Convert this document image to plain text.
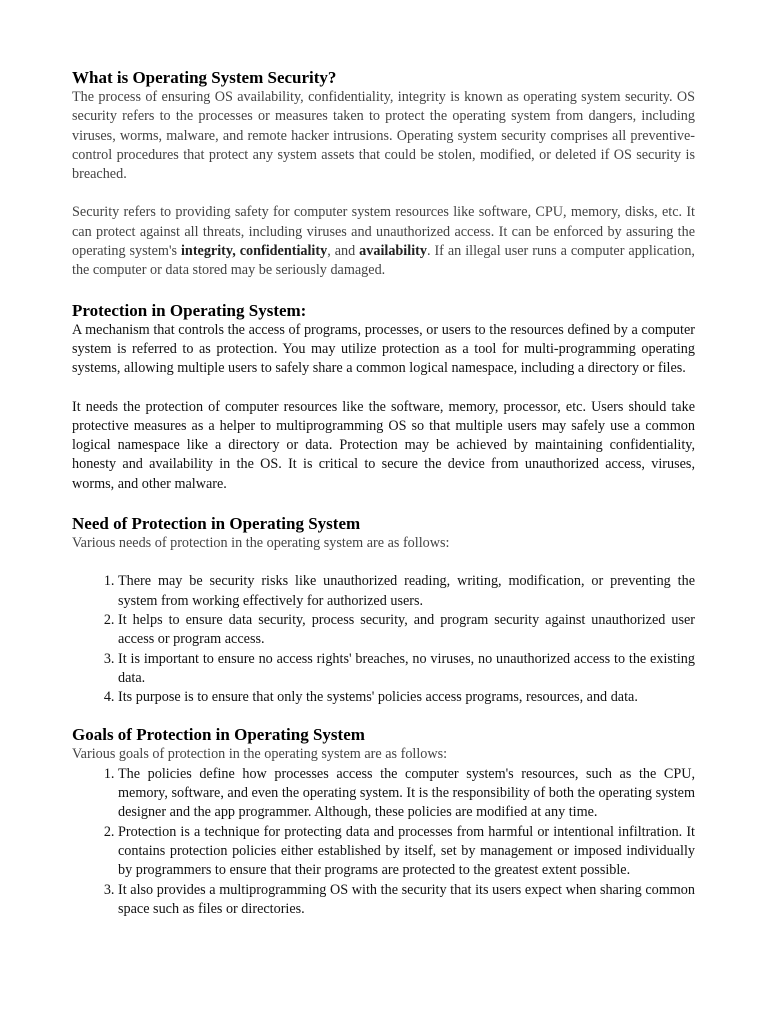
What is Operating System Security?

The process of ensuring OS availability, confidentiality, integrity is known as operating system security. OS security refers to the processes or measures taken to protect the operating system from dangers, including viruses, worms, malware, and remote hacker intrusions. Operating system security comprises all preventive-control procedures that protect any system assets that could be stolen, modified, or deleted if OS security is breached.

Security refers to providing safety for computer system resources like software, CPU, memory, disks, etc. It can protect against all threats, including viruses and unauthorized access. It can be enforced by assuring the operating system's integrity, confidentiality, and availability. If an illegal user runs a computer application, the computer or data stored may be seriously damaged.

Protection in Operating System:

A mechanism that controls the access of programs, processes, or users to the resources defined by a computer system is referred to as protection. You may utilize protection as a tool for multi-programming operating systems, allowing multiple users to safely share a common logical namespace, including a directory or files.

It needs the protection of computer resources like the software, memory, processor, etc. Users should take protective measures as a helper to multiprogramming OS so that multiple users may safely use a common logical namespace like a directory or data. Protection may be achieved by maintaining confidentiality, honesty and availability in the OS. It is critical to secure the device from unauthorized access, viruses, worms, and other malware.

Need of Protection in Operating System

Various needs of protection in the operating system are as follows:

1. There may be security risks like unauthorized reading, writing, modification, or preventing the system from working effectively for authorized users.
2. It helps to ensure data security, process security, and program security against unauthorized user access or program access.
3. It is important to ensure no access rights' breaches, no viruses, no unauthorized access to the existing data.
4. Its purpose is to ensure that only the systems' policies access programs, resources, and data.
Goals of Protection in Operating System

Various goals of protection in the operating system are as follows:

1. The policies define how processes access the computer system's resources, such as the CPU, memory, software, and even the operating system. It is the responsibility of both the operating system designer and the app programmer. Although, these policies are modified at any time.
2. Protection is a technique for protecting data and processes from harmful or intentional infiltration. It contains protection policies either established by itself, set by management or imposed individually by programmers to ensure that their programs are protected to the greatest extent possible.
3. It also provides a multiprogramming OS with the security that its users expect when sharing common space such as files or directories.
